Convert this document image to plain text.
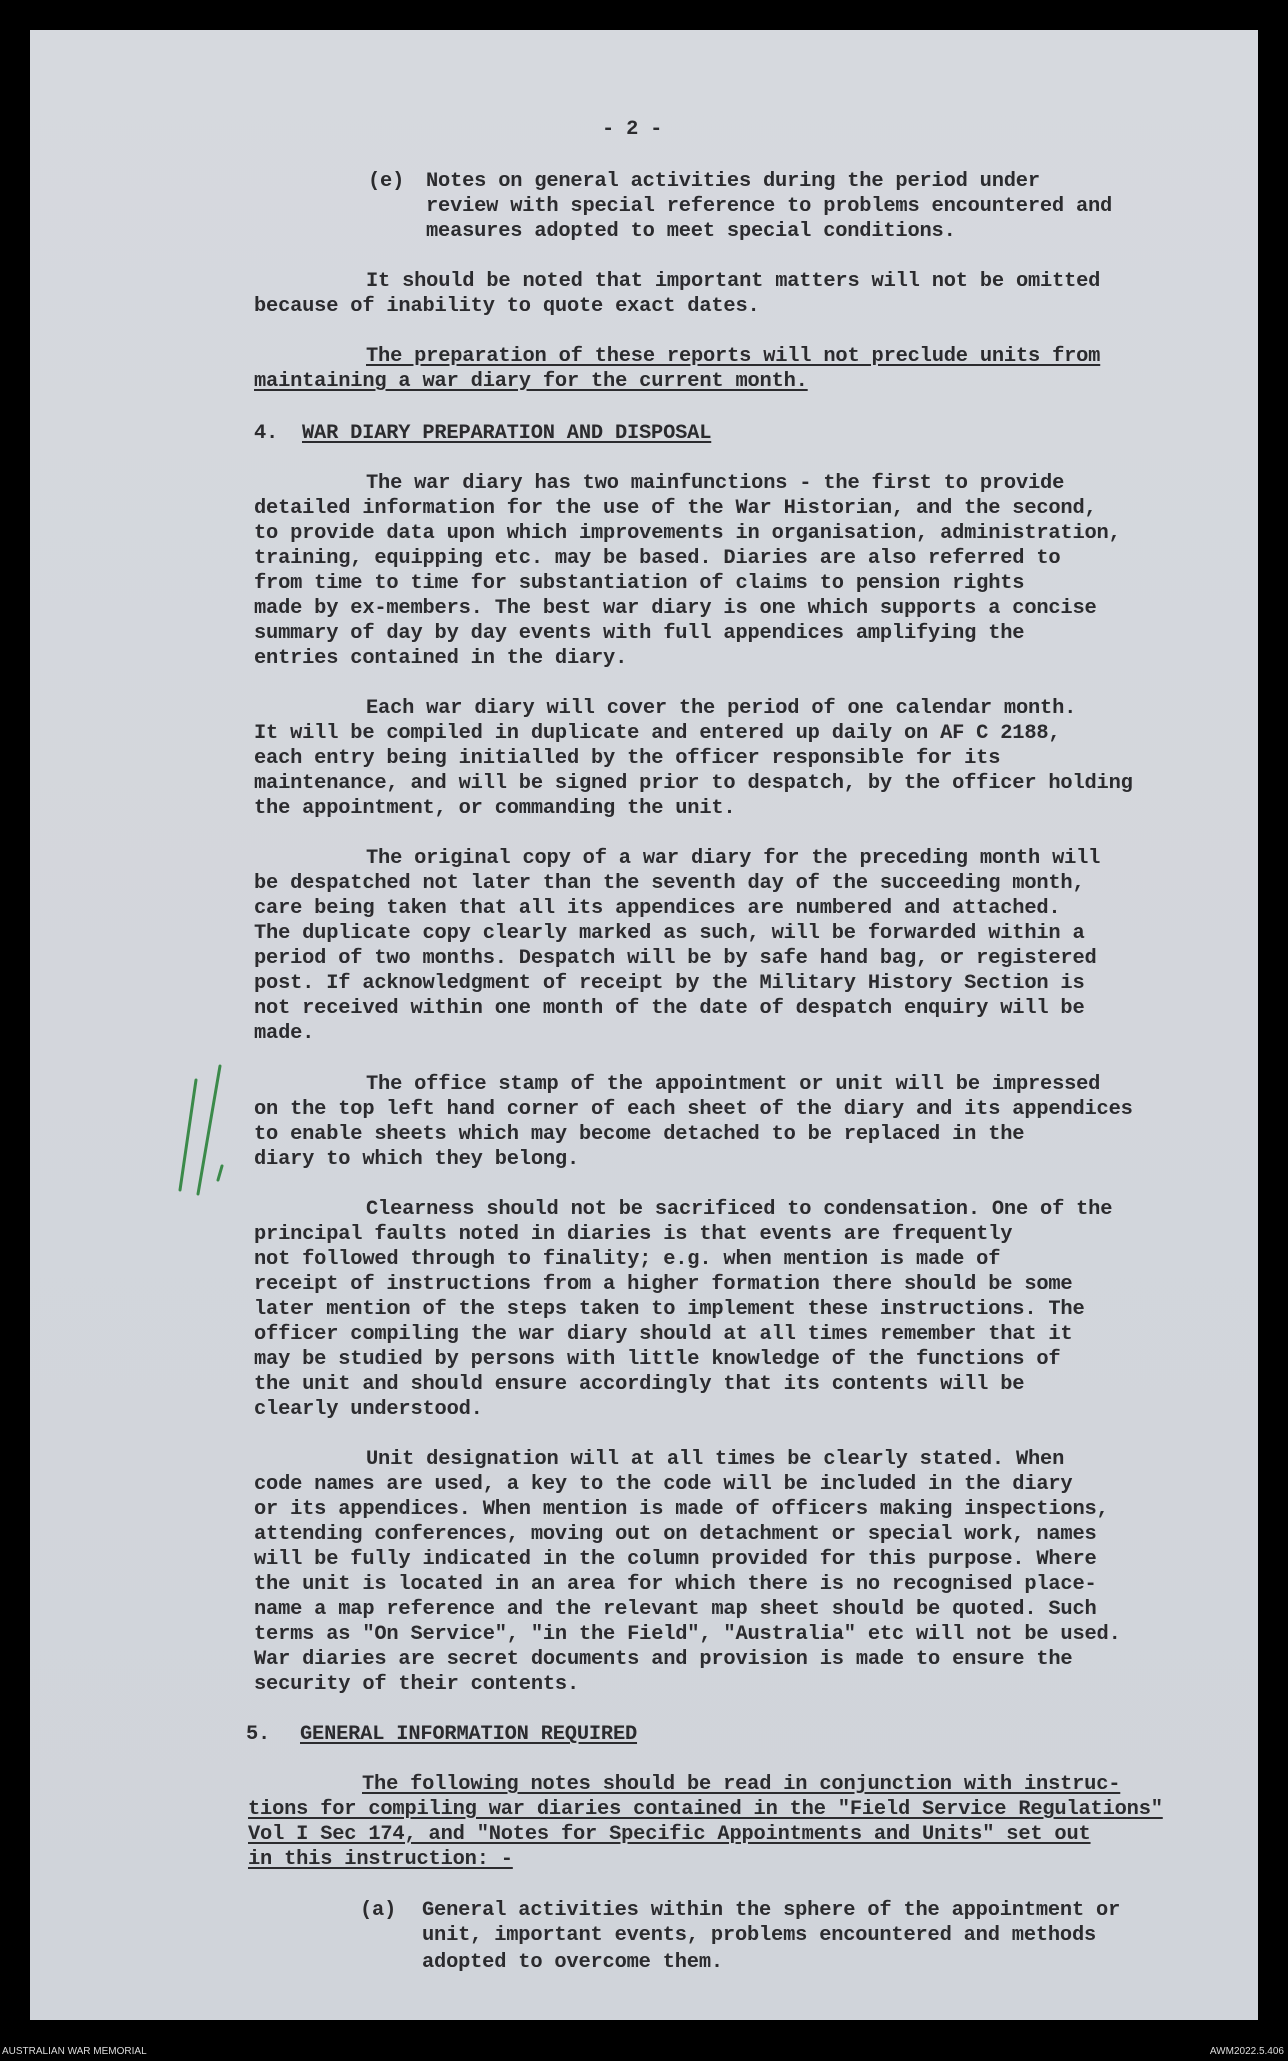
- 2 -
(e) Notes on general activities during the period under
review with special reference to problems encountered and
measures adopted to meet special conditions.
It should be noted that important matters will not be omitted
because of inability to quote exact dates.
The preparation of these reports will not preclude units from
maintaining a war diary for the current month.
4. WAR DIARY PREPARATION AND DISPOSAL
The war diary has two mainfunctions - the first to provide
detailed information for the use of the War Historian, and the second,
to provide data upon which improvements in organisation, administration,
training, equipping etc. may be based. Diaries are also referred to
from time to time for substantiation of claims to pension rights
made by ex-members. The best war diary is one which supports a concise
summary of day by day events with full appendices amplifying the
entries contained in the diary.
Each war diary will cover the period of one calendar month.
It will be compiled in duplicate and entered up daily on AF C 2188,
each entry being initialled by the officer responsible for its
maintenance, and will be signed prior to despatch, by the officer holding
the appointment, or commanding the unit.
The original copy of a war diary for the preceding month will
be despatched not later than the seventh day of the succeeding month,
care being taken that all its appendices are numbered and attached.
The duplicate copy clearly marked as such, will be forwarded within a
period of two months. Despatch will be by safe hand bag, or registered
post. If acknowledgment of receipt by the Military History Section is
not received within one month of the date of despatch enquiry will be
made.
The office stamp of the appointment or unit will be impressed
on the top left hand corner of each sheet of the diary and its appendices
to enable sheets which may become detached to be replaced in the
diary to which they belong.
Clearness should not be sacrificed to condensation. One of the
principal faults noted in diaries is that events are frequently
not followed through to finality; e.g. when mention is made of
receipt of instructions from a higher formation there should be some
later mention of the steps taken to implement these instructions. The
officer compiling the war diary should at all times remember that it
may be studied by persons with little knowledge of the functions of
the unit and should ensure accordingly that its contents will be
clearly understood.
Unit designation will at all times be clearly stated. When
code names are used, a key to the code will be included in the diary
or its appendices. When mention is made of officers making inspections,
attending conferences, moving out on detachment or special work, names
will be fully indicated in the column provided for this purpose. Where
the unit is located in an area for which there is no recognised place-
name a map reference and the relevant map sheet should be quoted. Such
terms as "On Service", "in the Field", "Australia" etc will not be used.
War diaries are secret documents and provision is made to ensure the
security of their contents.
5. GENERAL INFORMATION REQUIRED
The following notes should be read in conjunction with instruc-
tions for compiling war diaries contained in the "Field Service Regulations"
Vol I Sec 174, and "Notes for Specific Appointments and Units" set out
in this instruction: -
(a) General activities within the sphere of the appointment or
unit, important events, problems encountered and methods
adopted to overcome them.
AUSTRALIAN WAR MEMORIAL	AWM2022.5.406
